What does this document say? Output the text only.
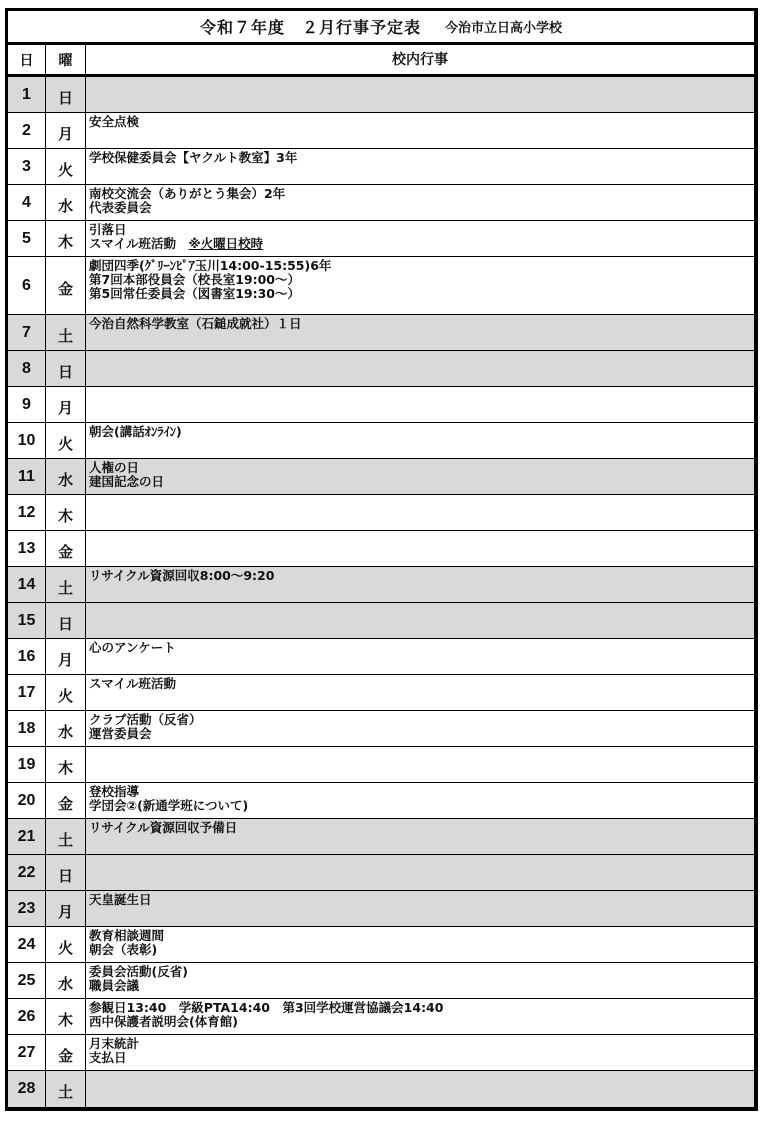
令和７年度　２月行事予定表 今治市立日高小学校
日	曜	校内行事
1	日
2	月
安全点検
3	火
学校保健委員会【ヤクルト教室】3年
4	水
南校交流会（ありがとう集会）2年
代表委員会
5	木
引落日
スマイル班活動　※火曜日校時
6	金
劇団四季(ｸﾞﾘｰﾝﾋﾟｱ玉川14:00-15:55)6年
第7回本部役員会（校長室19:00～）
第5回常任委員会（図書室19:30～）
7	土
今治自然科学教室（石鎚成就社）１日
8	日
9	月
10	火
朝会(講話ｵﾝﾗｲﾝ)
11	水
人権の日
建国記念の日
12	木
13	金
14	土
リサイクル資源回収8:00～9:20
15	日
16	月
心のアンケート
17	火
スマイル班活動
18	水
クラブ活動（反省）
運営委員会
19	木
20	金
登校指導
学団会②(新通学班について)
21	土
リサイクル資源回収予備日
22	日
23	月
天皇誕生日
24	火
教育相談週間
朝会（表彰)
25	水
委員会活動(反省)
職員会議
26	木
参観日13:40　学級PTA14:40　第3回学校運営協議会14:40
西中保護者説明会(体育館)
27	金
月末統計
支払日
28	土
